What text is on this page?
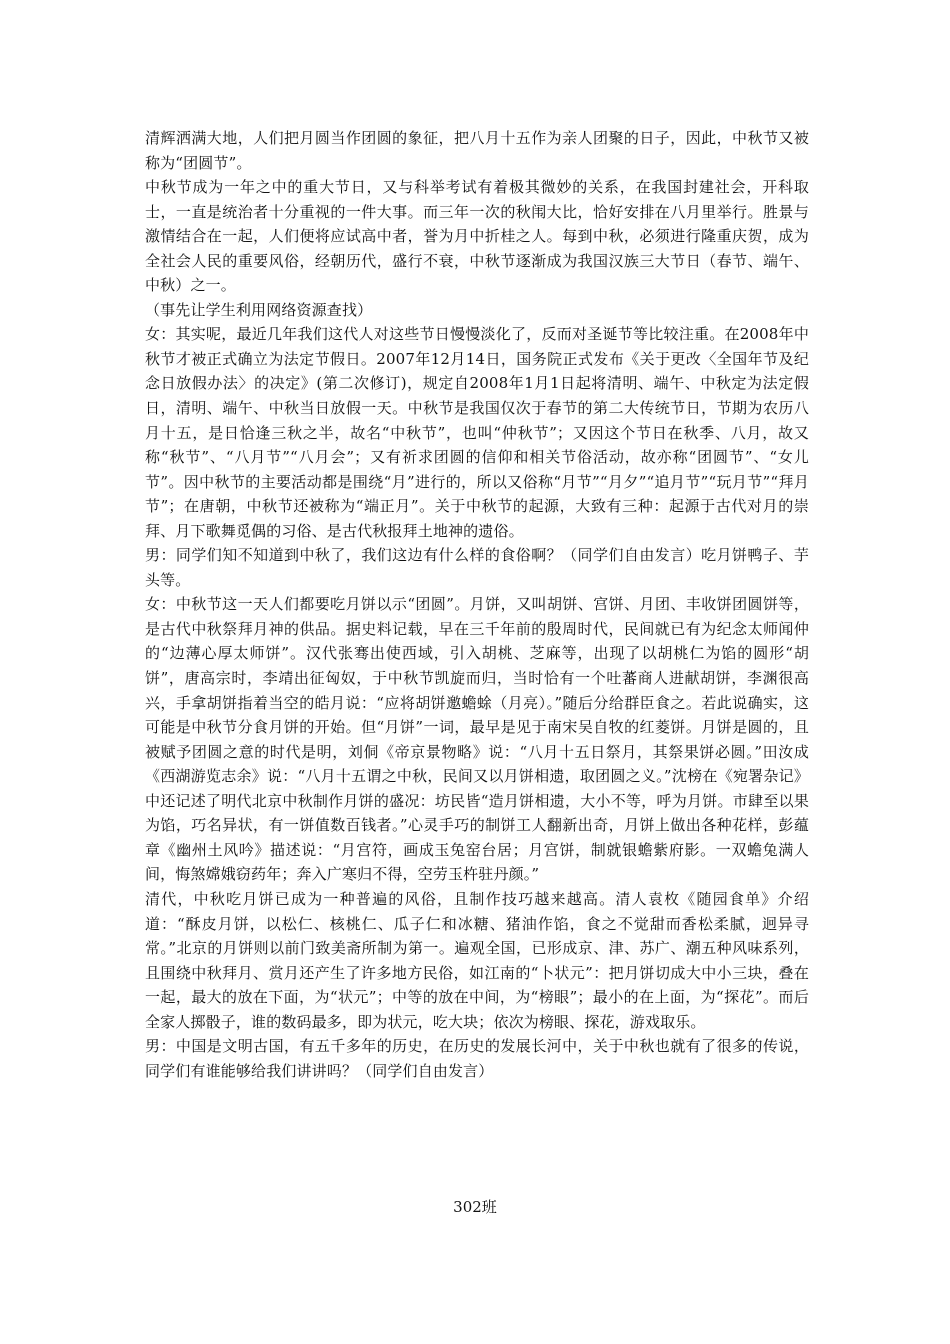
清辉洒满大地，人们把月圆当作团圆的象征，把八月十五作为亲人团聚的日子，因此，中秋节又被称为“团圆节”。

中秋节成为一年之中的重大节日，又与科举考试有着极其微妙的关系，在我国封建社会，开科取士，一直是统治者十分重视的一件大事。而三年一次的秋闱大比，恰好安排在八月里举行。胜景与激情结合在一起，人们便将应试高中者，誉为月中折桂之人。每到中秋，必须进行隆重庆贺，成为全社会人民的重要风俗，经朝历代，盛行不衰，中秋节逐渐成为我国汉族三大节日（春节、端午、中秋）之一。

（事先让学生利用网络资源查找）

女：其实呢，最近几年我们这代人对这些节日慢慢淡化了，反而对圣诞节等比较注重。在2008年中秋节才被正式确立为法定节假日。2007年12月14日，国务院正式发布《关于更改〈全国年节及纪念日放假办法〉的决定》(第二次修订)，规定自2008年1月1日起将清明、端午、中秋定为法定假日，清明、端午、中秋当日放假一天。中秋节是我国仅次于春节的第二大传统节日，节期为农历八月十五，是日恰逢三秋之半，故名“中秋节”，也叫“仲秋节”；又因这个节日在秋季、八月，故又称“秋节”、“八月节”“八月会”；又有祈求团圆的信仰和相关节俗活动，故亦称“团圆节”、“女儿节”。因中秋节的主要活动都是围绕“月”进行的，所以又俗称“月节”“月夕”“追月节”“玩月节”“拜月节”；在唐朝，中秋节还被称为“端正月”。关于中秋节的起源，大致有三种：起源于古代对月的崇拜、月下歌舞觅偶的习俗、是古代秋报拜土地神的遗俗。

男：同学们知不知道到中秋了，我们这边有什么样的食俗啊？（同学们自由发言）吃月饼鸭子、芋头等。

女：中秋节这一天人们都要吃月饼以示“团圆”。月饼，又叫胡饼、宫饼、月团、丰收饼团圆饼等，是古代中秋祭拜月神的供品。据史料记载，早在三千年前的殷周时代，民间就已有为纪念太师闻仲的“边薄心厚太师饼”。汉代张骞出使西域，引入胡桃、芝麻等，出现了以胡桃仁为馅的圆形“胡饼”，唐高宗时，李靖出征匈奴，于中秋节凯旋而归，当时恰有一个吐蕃商人进献胡饼，李渊很高兴，手拿胡饼指着当空的皓月说：“应将胡饼邀蟾蜍（月亮）。”随后分给群臣食之。若此说确实，这可能是中秋节分食月饼的开始。但“月饼”一词，最早是见于南宋吴自牧的红菱饼。月饼是圆的，且被赋予团圆之意的时代是明，刘侗《帝京景物略》说：“八月十五日祭月，其祭果饼必圆。”田汝成《西湖游览志余》说：“八月十五谓之中秋，民间又以月饼相遗，取团圆之义。”沈榜在《宛署杂记》中还记述了明代北京中秋制作月饼的盛况：坊民皆“造月饼相遗，大小不等，呼为月饼。市肆至以果为馅，巧名异状，有一饼值数百钱者。”心灵手巧的制饼工人翻新出奇，月饼上做出各种花样，彭蕴章《幽州土风吟》描述说：“月宫符，画成玉兔窑台居；月宫饼，制就银蟾紫府影。一双蟾兔满人间，悔煞嫦娥窃药年；奔入广寒归不得，空劳玉杵驻丹颜。”

清代，中秋吃月饼已成为一种普遍的风俗，且制作技巧越来越高。清人袁枚《随园食单》介绍道：“酥皮月饼，以松仁、核桃仁、瓜子仁和冰糖、猪油作馅，食之不觉甜而香松柔腻，迥异寻常。”北京的月饼则以前门致美斋所制为第一。遍观全国，已形成京、津、苏广、潮五种风味系列，且围绕中秋拜月、赏月还产生了许多地方民俗，如江南的“卜状元”：把月饼切成大中小三块，叠在一起，最大的放在下面，为“状元”；中等的放在中间，为“榜眼”；最小的在上面，为“探花”。而后全家人掷骰子，谁的数码最多，即为状元，吃大块；依次为榜眼、探花，游戏取乐。

男：中国是文明古国，有五千多年的历史，在历史的发展长河中，关于中秋也就有了很多的传说，同学们有谁能够给我们讲讲吗？（同学们自由发言）

302班
